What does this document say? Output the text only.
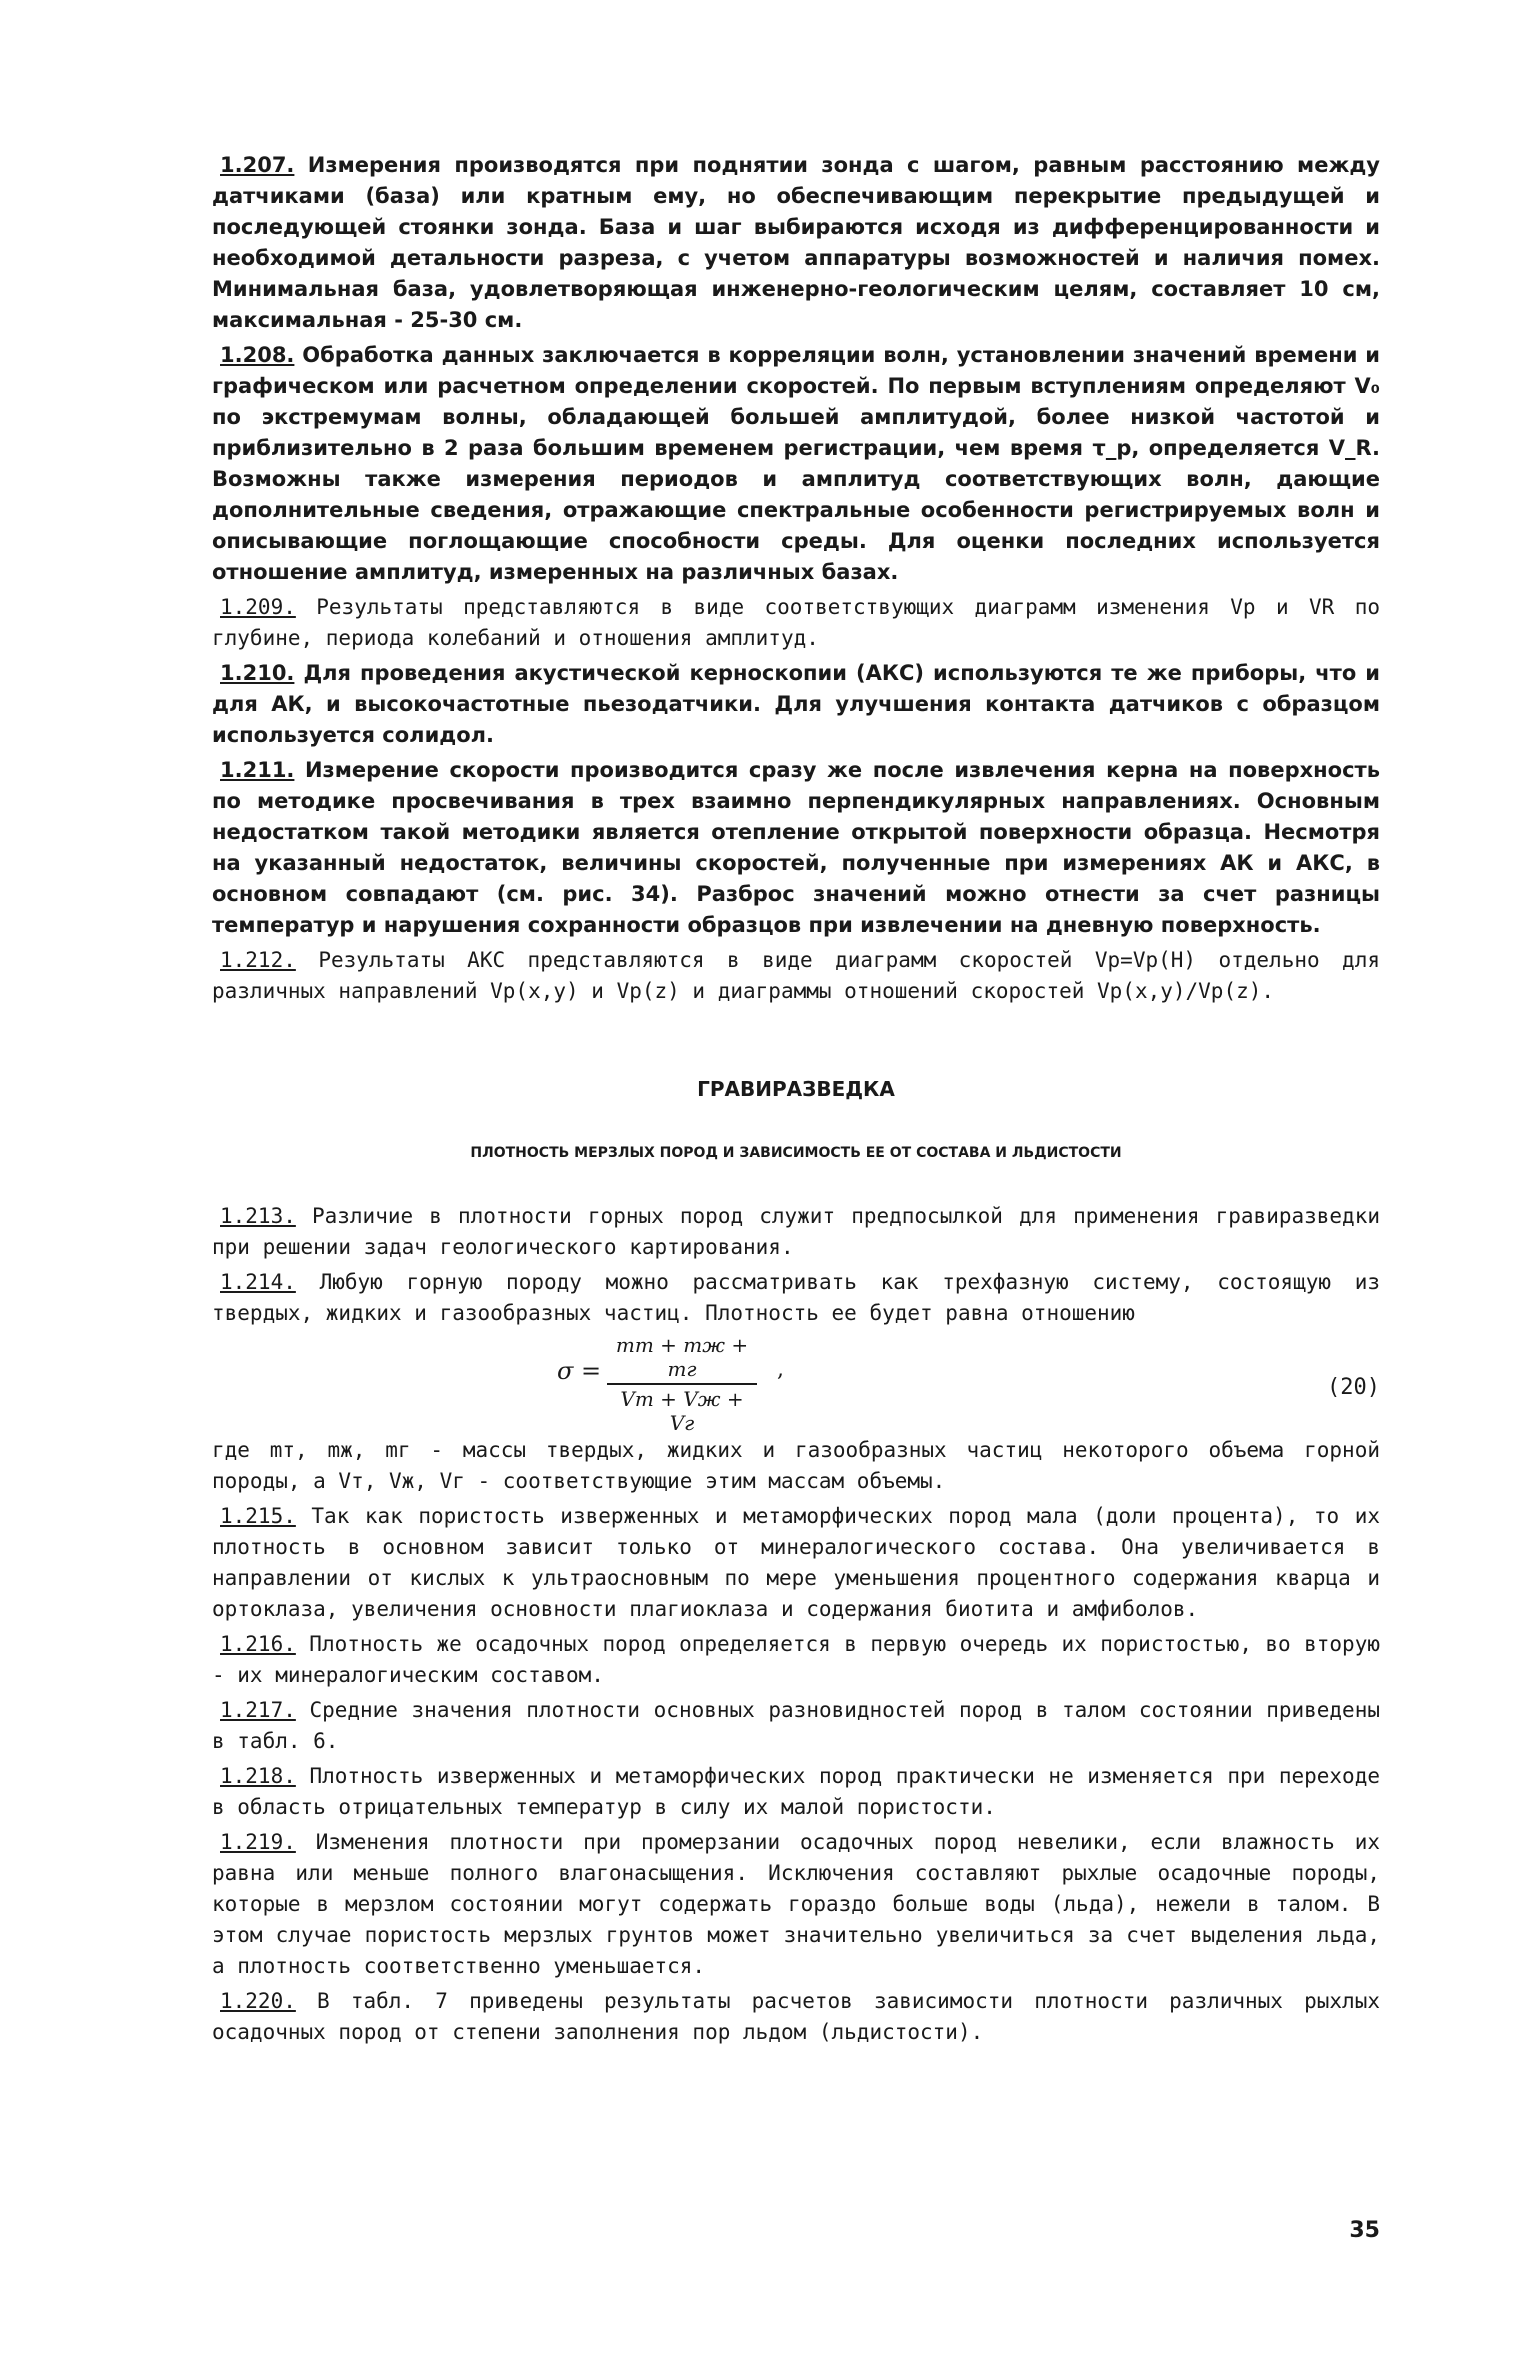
1.207. Измерения производятся при поднятии зонда с шагом, равным расстоянию между датчиками (база) или кратным ему, но обеспечивающим перекрытие предыдущей и последующей стоянки зонда. База и шаг выбираются исходя из дифференцированности и необходимой детальности разреза, с учетом аппаратуры возможностей и наличия помех. Минимальная база, удовлетворяющая инженерно-геологическим целям, составляет 10 см, максимальная - 25-30 см.

1.208. Обработка данных заключается в корреляции волн, установлении значений времени и графическом или расчетном определении скоростей. По первым вступлениям определяют V₀ по экстремумам волны, обладающей большей амплитудой, более низкой частотой и приблизительно в 2 раза большим временем регистрации, чем время τ_p, определяется V_R. Возможны также измерения периодов и амплитуд соответствующих волн, дающие дополнительные сведения, отражающие спектральные особенности регистрируемых волн и описывающие поглощающие способности среды. Для оценки последних используется отношение амплитуд, измеренных на различных базах.

1.209. Результаты представляются в виде соответствующих диаграмм изменения Vp и VR по глубине, периода колебаний и отношения амплитуд.

1.210. Для проведения акустической керноскопии (АКС) используются те же приборы, что и для АК, и высокочастотные пьезодатчики. Для улучшения контакта датчиков с образцом используется солидол.

1.211. Измерение скорости производится сразу же после извлечения керна на поверхность по методике просвечивания в трех взаимно перпендикулярных направлениях. Основным недостатком такой методики является отепление открытой поверхности образца. Несмотря на указанный недостаток, величины скоростей, полученные при измерениях АК и АКС, в основном совпадают (см. рис. 34). Разброс значений можно отнести за счет разницы температур и нарушения сохранности образцов при извлечении на дневную поверхность.

1.212. Результаты АКС представляются в виде диаграмм скоростей Vp=Vp(H) отдельно для различных направлений Vp(x,y) и Vp(z) и диаграммы отношений скоростей Vp(x,y)/Vp(z).

ГРАВИРАЗВЕДКА
ПЛОТНОСТЬ МЕРЗЛЫХ ПОРОД И ЗАВИСИМОСТЬ ЕЕ ОТ СОСТАВА И ЛЬДИСТОСТИ

1.213. Различие в плотности горных пород служит предпосылкой для применения гравиразведки при решении задач геологического картирования.

1.214. Любую горную породу можно рассматривать как трехфазную систему, состоящую из твердых, жидких и газообразных частиц. Плотность ее будет равна отношению

σ =
mт + mж + mг
Vт + Vж + Vг
,
(20)

где mт, mж, mг - массы твердых, жидких и газообразных частиц некоторого объема горной породы, а Vт, Vж, Vг - соответствующие этим массам объемы.

1.215. Так как пористость изверженных и метаморфических пород мала (доли процента), то их плотность в основном зависит только от минералогического состава. Она увеличивается в направлении от кислых к ультраосновным по мере уменьшения процентного содержания кварца и ортоклаза, увеличения основности плагиоклаза и содержания биотита и амфиболов.

1.216. Плотность же осадочных пород определяется в первую очередь их пористостью, во вторую - их минералогическим составом.

1.217. Средние значения плотности основных разновидностей пород в талом состоянии приведены в табл. 6.

1.218. Плотность изверженных и метаморфических пород практически не изменяется при переходе в область отрицательных температур в силу их малой пористости.

1.219. Изменения плотности при промерзании осадочных пород невелики, если влажность их равна или меньше полного влагонасыщения. Исключения составляют рыхлые осадочные породы, которые в мерзлом состоянии могут содержать гораздо больше воды (льда), нежели в талом. В этом случае пористость мерзлых грунтов может значительно увеличиться за счет выделения льда, а плотность соответственно уменьшается.

1.220. В табл. 7 приведены результаты расчетов зависимости плотности различных рыхлых осадочных пород от степени заполнения пор льдом (льдистости).

35
